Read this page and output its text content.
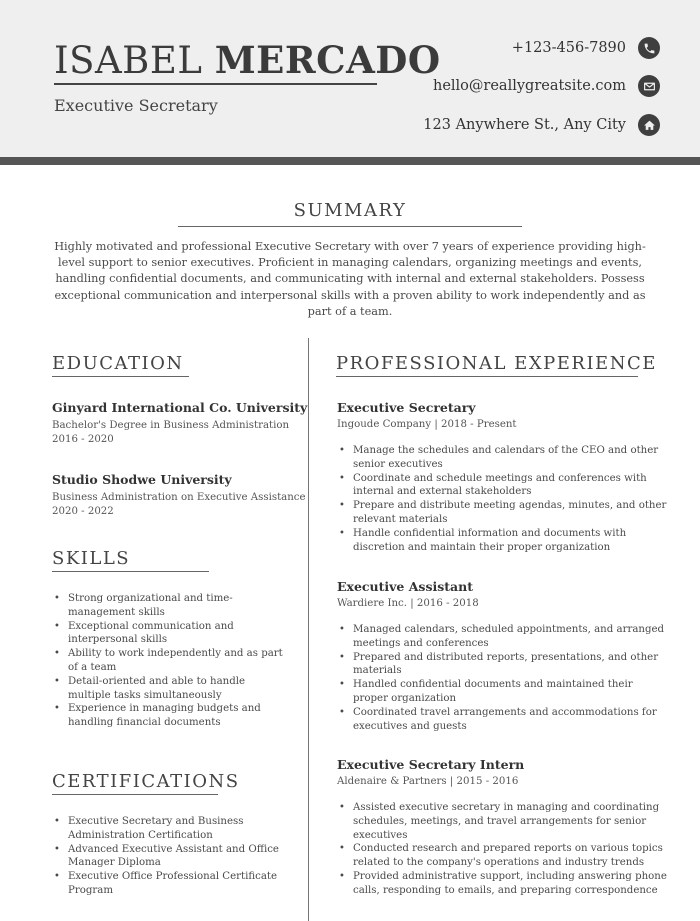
ISABEL MERCADO
Executive Secretary
+123-456-7890
hello@reallygreatsite.com
123 Anywhere St., Any City
SUMMARY
Highly motivated and professional Executive Secretary with over 7 years of experience providing high-level support to senior executives. Proficient in managing calendars, organizing meetings and events, handling confidential documents, and communicating with internal and external stakeholders. Possess exceptional communication and interpersonal skills with a proven ability to work independently and as part of a team.
EDUCATION
Ginyard International Co. University
Bachelor's Degree in Business Administration
2016 - 2020
Studio Shodwe University
Business Administration on Executive Assistance
2020 - 2022
SKILLS
• Strong organizational and time-management skills
• Exceptional communication and interpersonal skills
• Ability to work independently and as part of a team
• Detail-oriented and able to handle multiple tasks simultaneously
• Experience in managing budgets and handling financial documents
CERTIFICATIONS
• Executive Secretary and Business Administration Certification
• Advanced Executive Assistant and Office Manager Diploma
• Executive Office Professional Certificate Program
PROFESSIONAL EXPERIENCE
Executive Secretary
Ingoude Company | 2018 - Present
• Manage the schedules and calendars of the CEO and other senior executives
• Coordinate and schedule meetings and conferences with internal and external stakeholders
• Prepare and distribute meeting agendas, minutes, and other relevant materials
• Handle confidential information and documents with discretion and maintain their proper organization
Executive Assistant
Wardiere Inc. | 2016 - 2018
• Managed calendars, scheduled appointments, and arranged meetings and conferences
• Prepared and distributed reports, presentations, and other materials
• Handled confidential documents and maintained their proper organization
• Coordinated travel arrangements and accommodations for executives and guests
Executive Secretary Intern
Aldenaire & Partners | 2015 - 2016
• Assisted executive secretary in managing and coordinating schedules, meetings, and travel arrangements for senior executives
• Conducted research and prepared reports on various topics related to the company's operations and industry trends
• Provided administrative support, including answering phone calls, responding to emails, and preparing correspondence
